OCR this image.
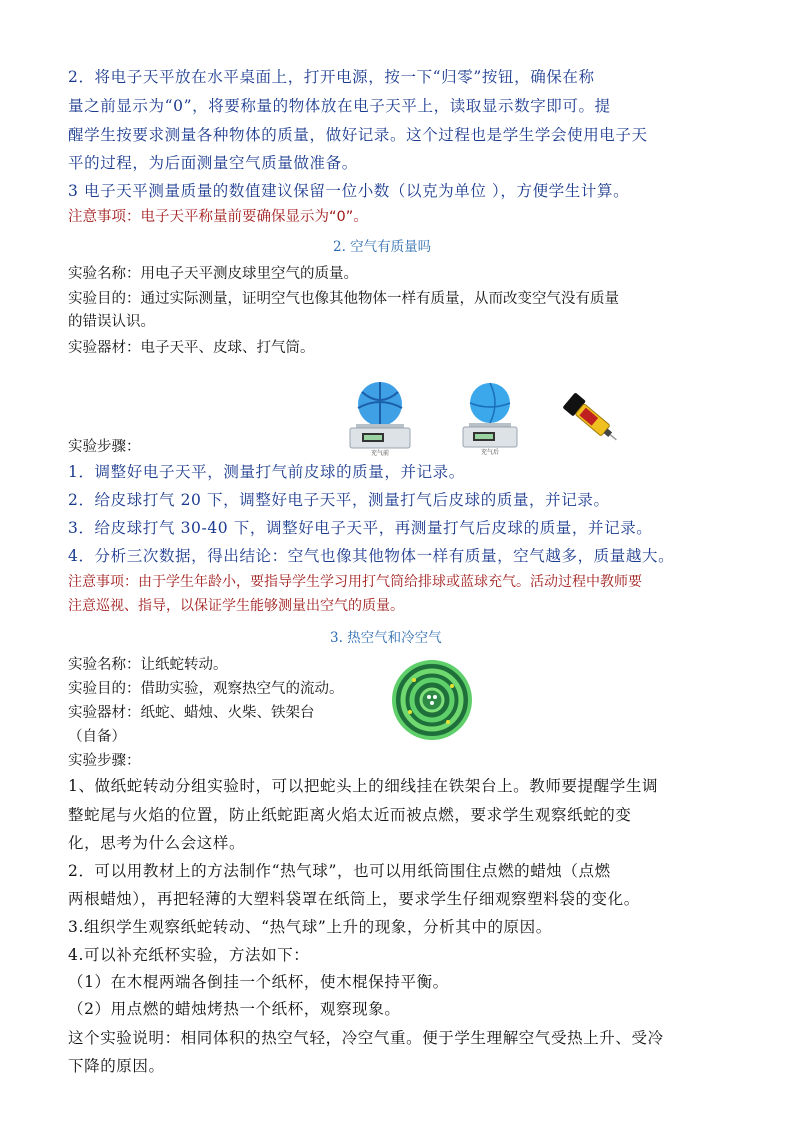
2．将电子天平放在水平桌面上，打开电源，按一下“归零”按钮，确保在称
量之前显示为“0”，将要称量的物体放在电子天平上，读取显示数字即可。提
醒学生按要求测量各种物体的质量，做好记录。这个过程也是学生学会使用电子天
平的过程，为后面测量空气质量做准备。
3 电子天平测量质量的数值建议保留一位小数（以克为单位 ），方便学生计算。
注意事项：电子天平称量前要确保显示为“0”。
2. 空气有质量吗
实验名称：用电子天平测皮球里空气的质量。
实验目的：通过实际测量，证明空气也像其他物体一样有质量，从而改变空气没有质量
的错误认识。
实验器材：电子天平、皮球、打气筒。
充气前	充气后
实验步骤：
1．调整好电子天平，测量打气前皮球的质量，并记录。
2．给皮球打气 20 下，调整好电子天平，测量打气后皮球的质量，并记录。
3．给皮球打气 30-40 下，调整好电子天平，再测量打气后皮球的质量，并记录。
4．分析三次数据，得出结论：空气也像其他物体一样有质量，空气越多，质量越大。
注意事项：由于学生年龄小，要指导学生学习用打气筒给排球或蓝球充气。活动过程中教师要
注意巡视、指导，以保证学生能够测量出空气的质量。
3. 热空气和冷空气
实验名称：让纸蛇转动。
实验目的：借助实验，观察热空气的流动。
实验器材：纸蛇、蜡烛、火柴、铁架台
（自备）
实验步骤：
1、做纸蛇转动分组实验时，可以把蛇头上的细线挂在铁架台上。教师要提醒学生调
整蛇尾与火焰的位置，防止纸蛇距离火焰太近而被点燃，要求学生观察纸蛇的变
化，思考为什么会这样。
2．可以用教材上的方法制作“热气球”，也可以用纸筒围住点燃的蜡烛（点燃
两根蜡烛），再把轻薄的大塑料袋罩在纸筒上，要求学生仔细观察塑料袋的变化。
3.组织学生观察纸蛇转动、“热气球”上升的现象，分析其中的原因。
4.可以补充纸杯实验，方法如下：
（1）在木棍两端各倒挂一个纸杯，使木棍保持平衡。
（2）用点燃的蜡烛烤热一个纸杯，观察现象。
这个实验说明：相同体积的热空气轻，冷空气重。便于学生理解空气受热上升、受冷
下降的原因。
